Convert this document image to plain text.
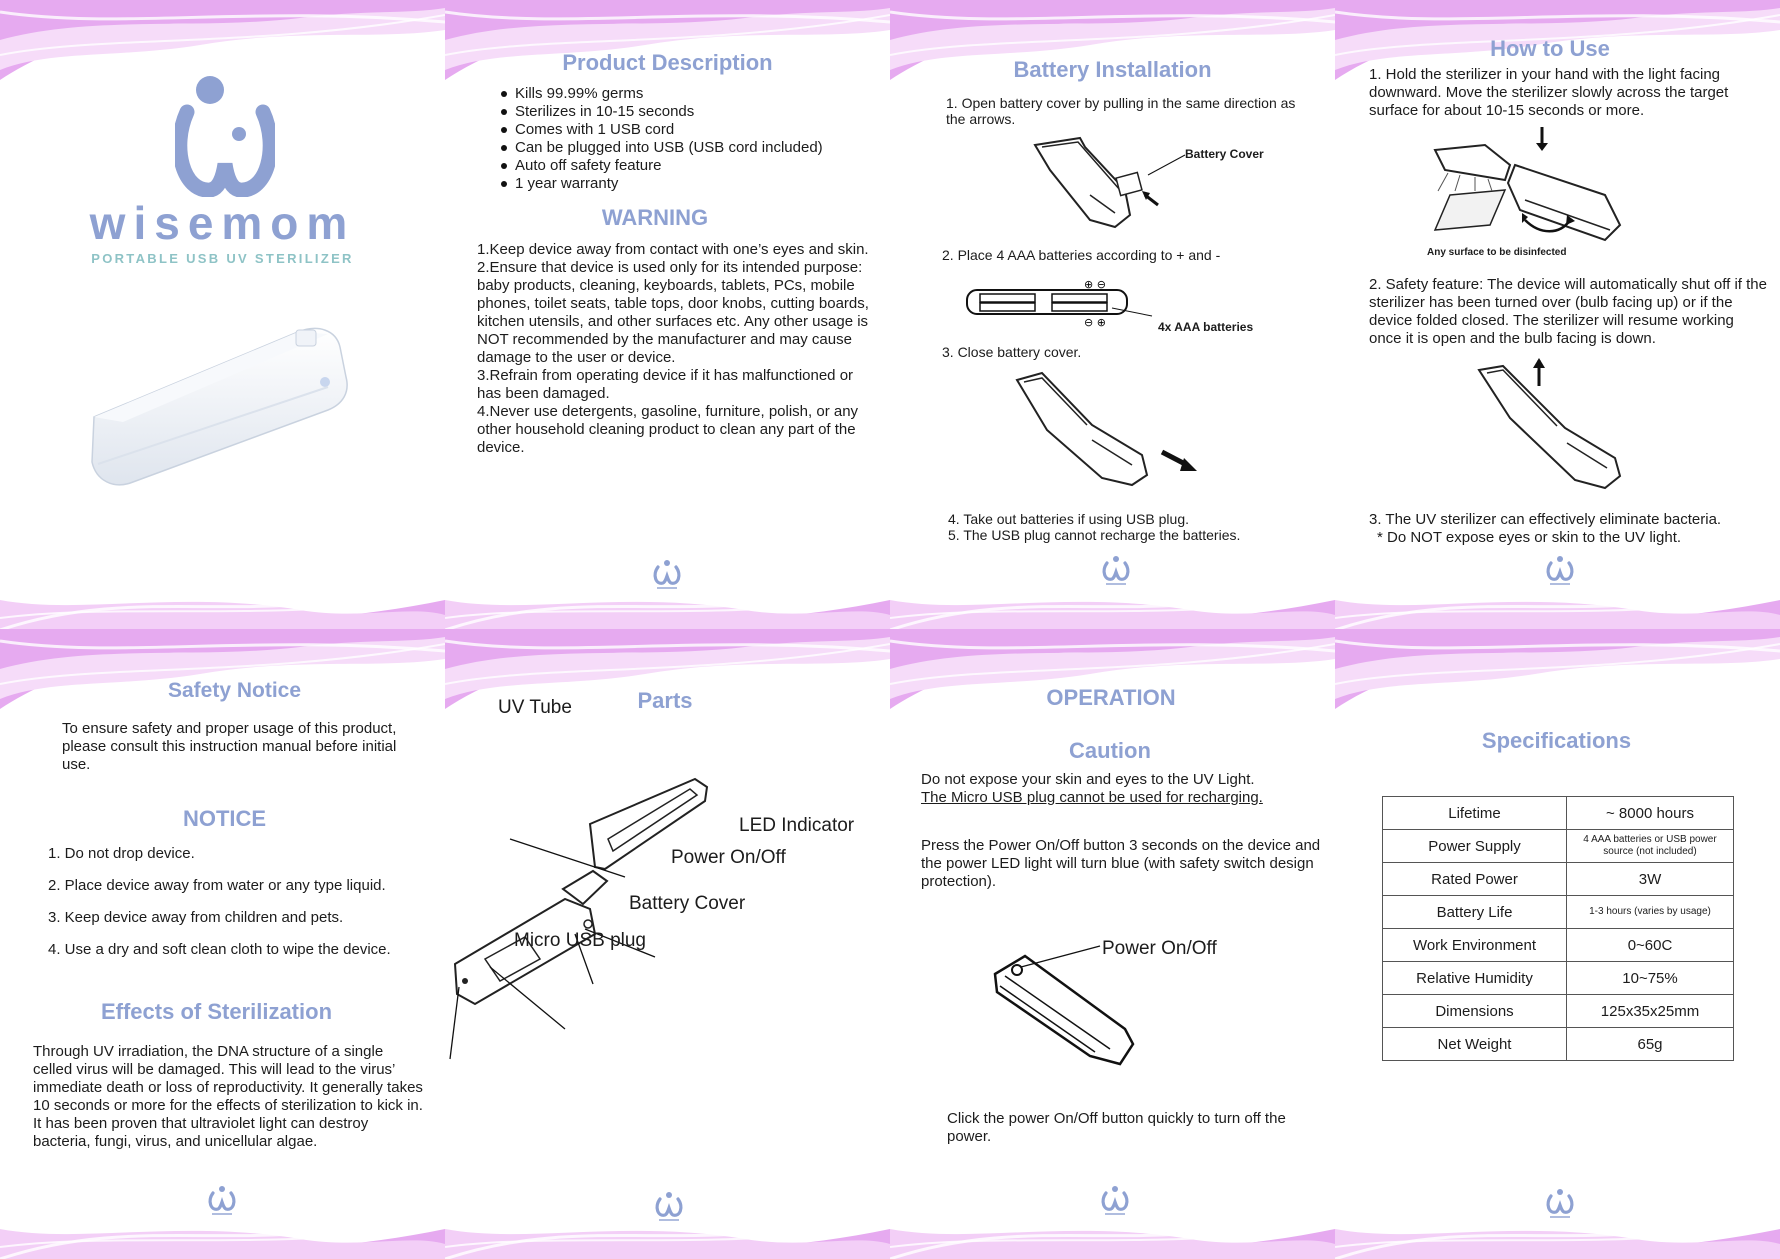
wisemom
PORTABLE USB UV STERILIZER
Product Description
Kills 99.99% germs
Sterilizes in 10-15 seconds
Comes with 1 USB cord
Can be plugged into USB (USB cord included)
Auto off safety feature
1 year warranty
WARNING

1.Keep device away from contact with one’s eyes and skin.

2.Ensure that device is used only for its intended purpose: baby products, cleaning, keyboards, tablets, PCs, mobile phones, toilet seats, table tops, door knobs, cutting boards, kitchen utensils, and other surfaces etc. Any other usage is NOT recommended by the manufacturer and may cause damage to the user or device.

3.Refrain from operating device if it has malfunctioned or has been damaged.

4.Never use detergents, gasoline, furniture, polish, or any other household cleaning product to clean any part of the device.

Battery Installation
1. Open battery cover by pulling in the same direction as the arrows.
Battery Cover
2. Place 4 AAA batteries according to + and -
⊕ ⊖
⊖ ⊕	4x AAA batteries
3. Close battery cover.
4. Take out batteries if using USB plug.
5. The USB plug cannot recharge the batteries.
How to Use
1. Hold the sterilizer in your hand with the light facing downward. Move the sterilizer slowly across the target surface for about 10-15 seconds or more.
Any surface to be disinfected
2. Safety feature: The device will automatically shut off if the sterilizer has been turned over (bulb facing up) or if the device folded closed. The sterilizer will resume working once it is open and the bulb facing is down.
3. The UV sterilizer can effectively eliminate bacteria.
* Do NOT expose eyes or skin to the UV light.
Safety Notice
To ensure safety and proper usage of this product, please consult this instruction manual before initial use.
NOTICE

1. Do not drop device.

2. Place device away from water or any type liquid.

3. Keep device away from children and pets.

4. Use a dry and soft clean cloth to wipe the device.

Effects of Sterilization
Through UV irradiation, the DNA structure of a single celled virus will be damaged. This will lead to the virus’ immediate death or loss of reproductivity. It generally takes 10 seconds or more for the effects of sterilization to kick in. It has been proven that ultraviolet light can destroy bacteria, fungi, virus, and unicellular algae.
Parts
UV Tube
LED Indicator
Power On/Off
Battery Cover
Micro USB plug
OPERATION
Caution
Do not expose your skin and eyes to the UV Light.
The Micro USB plug cannot be used for recharging.
Press the Power On/Off button 3 seconds on the device and the power LED light will turn blue (with safety switch design protection).
Power On/Off
Click the power On/Off button quickly to turn off the power.
Specifications
Lifetime	~ 8000 hours
Power Supply	4 AAA batteries or USB power source (not included)
Rated Power	3W
Battery Life	1-3 hours (varies by usage)
Work Environment	0~60C
Relative Humidity	10~75%
Dimensions	125x35x25mm
Net Weight	65g
